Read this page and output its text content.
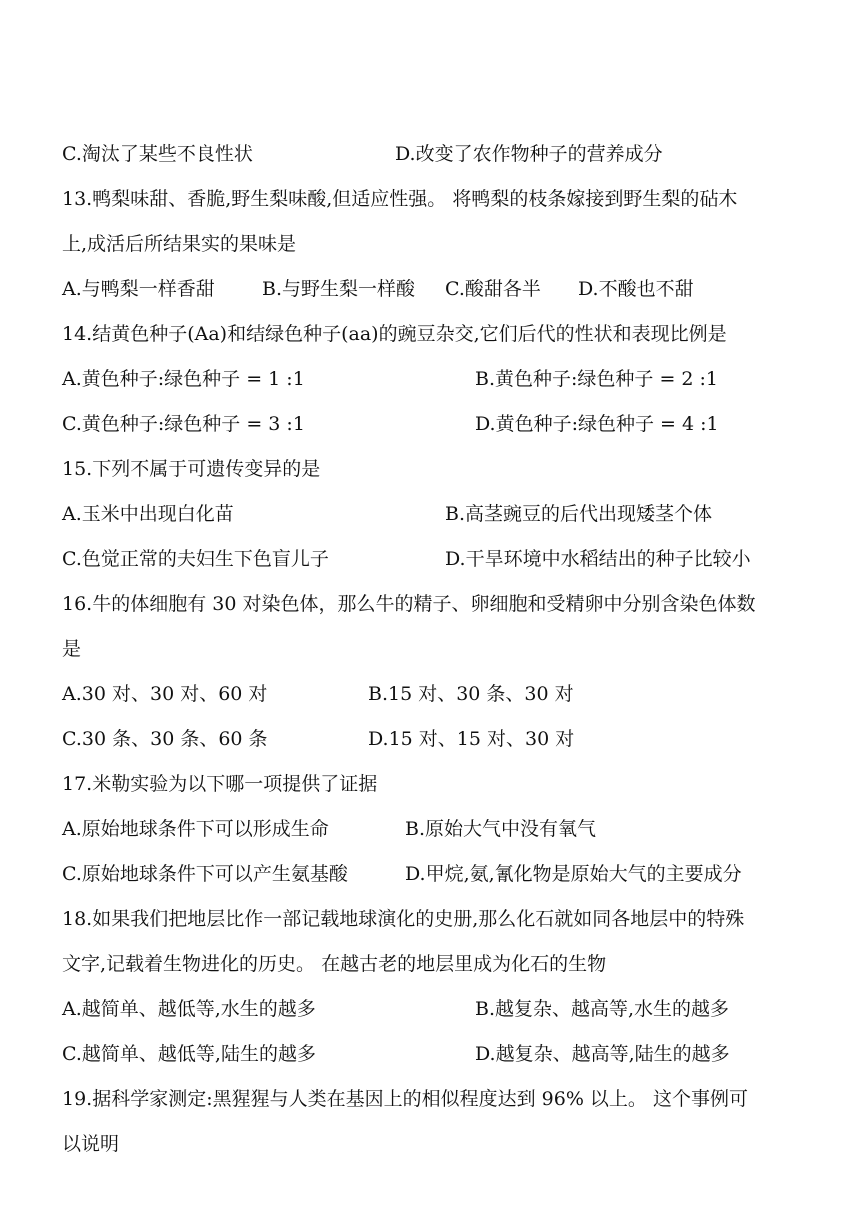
C.淘汰了某些不良性状	D.改变了农作物种子的营养成分
13.鸭梨味甜、香脆,野生梨味酸,但适应性强。 将鸭梨的枝条嫁接到野生梨的砧木
上,成活后所结果实的果味是
A.与鸭梨一样香甜 B.与野生梨一样酸 C.酸甜各半 D.不酸也不甜
14.结黄色种子(Aa)和结绿色种子(aa)的豌豆杂交,它们后代的性状和表现比例是
A.黄色种子:绿色种子 = 1 :1	B.黄色种子:绿色种子 = 2 :1
C.黄色种子:绿色种子 = 3 :1	D.黄色种子:绿色种子 = 4 :1
15.下列不属于可遗传变异的是
A.玉米中出现白化苗	B.高茎豌豆的后代出现矮茎个体
C.色觉正常的夫妇生下色盲儿子	D.干旱环境中水稻结出的种子比较小
16.牛的体细胞有 30 对染色体，那么牛的精子、卵细胞和受精卵中分别含染色体数
是
A.30 对、30 对、60 对	B.15 对、30 条、30 对
C.30 条、30 条、60 条	D.15 对、15 对、30 对
17.米勒实验为以下哪一项提供了证据
A.原始地球条件下可以形成生命	B.原始大气中没有氧气
C.原始地球条件下可以产生氨基酸	D.甲烷,氨,氰化物是原始大气的主要成分
18.如果我们把地层比作一部记载地球演化的史册,那么化石就如同各地层中的特殊
文字,记载着生物进化的历史。 在越古老的地层里成为化石的生物
A.越简单、越低等,水生的越多	B.越复杂、越高等,水生的越多
C.越简单、越低等,陆生的越多	D.越复杂、越高等,陆生的越多
19.据科学家测定:黑猩猩与人类在基因上的相似程度达到 96% 以上。 这个事例可
以说明
